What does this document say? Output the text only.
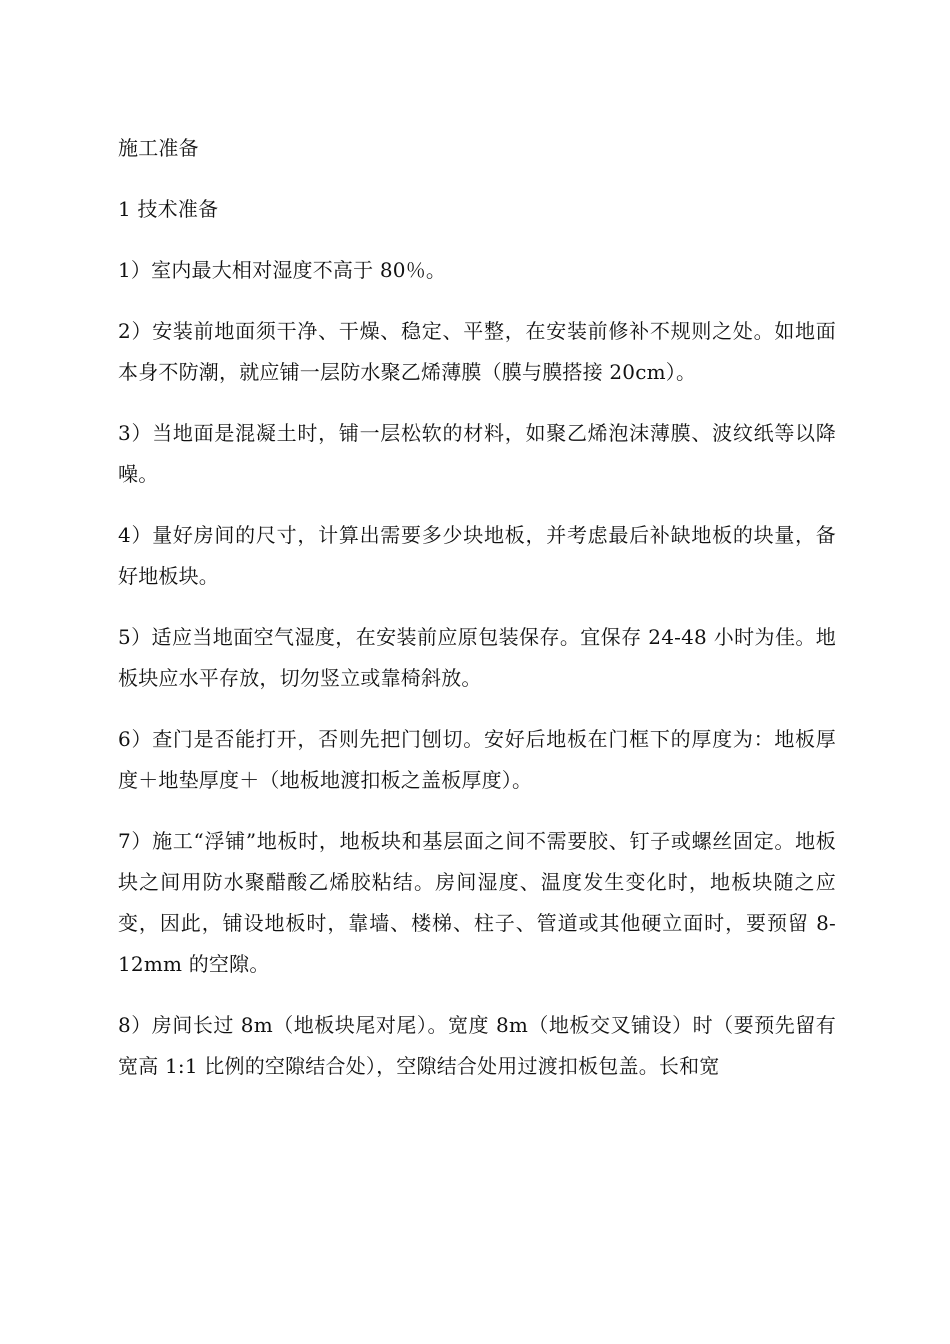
施工准备

1 技术准备

1）室内最大相对湿度不高于 80％。

2）安装前地面须干净、干燥、稳定、平整，在安装前修补不规则之处。如地面本身不防潮，就应铺一层防水聚乙烯薄膜（膜与膜搭接 20cm）。

3）当地面是混凝土时，铺一层松软的材料，如聚乙烯泡沫薄膜、波纹纸等以降噪。

4）量好房间的尺寸，计算出需要多少块地板，并考虑最后补缺地板的块量，备好地板块。

5）适应当地面空气湿度，在安装前应原包装保存。宜保存 24-48 小时为佳。地板块应水平存放，切勿竖立或靠椅斜放。

6）查门是否能打开，否则先把门刨切。安好后地板在门框下的厚度为：地板厚度＋地垫厚度＋（地板地渡扣板之盖板厚度）。

7）施工“浮铺”地板时，地板块和基层面之间不需要胶、钉子或螺丝固定。地板块之间用防水聚醋酸乙烯胶粘结。房间湿度、温度发生变化时，地板块随之应变，因此，铺设地板时，靠墙、楼梯、柱子、管道或其他硬立面时，要预留 8-12mm 的空隙。

8）房间长过 8m（地板块尾对尾）。宽度 8m（地板交叉铺设）时（要预先留有宽高 1:1 比例的空隙结合处），空隙结合处用过渡扣板包盖。长和宽
